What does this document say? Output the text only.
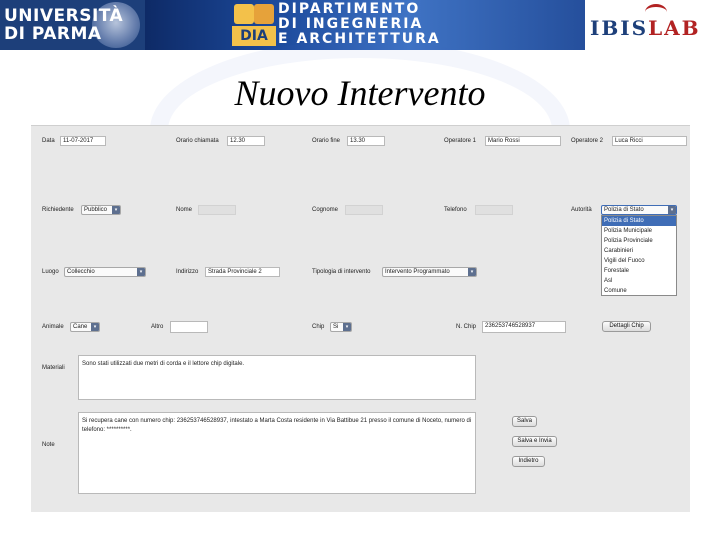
UNIVERSITÀ
DI PARMA	DIA
DIPARTIMENTO
DI INGEGNERIA
E ARCHITETTURA	IBISLAB
Nuovo Intervento
Data	11-07-2017	Orario chiamata	12.30	Orario fine	13.30	Operatore 1	Mario Rossi	Operatore 2	Luca Ricci
Richiedente	Pubblico	▾	Nome	Cognome	Telefono	Autorità	Polizia di Stato	▾
Polizia di Stato
Polizia Municipale
Polizia Provinciale
Carabinieri
Vigili del Fuoco
Forestale
Asl
Comune
Luogo	Collecchio	▾	Indirizzo	Strada Provinciale 2	Tipologia di intervento	Intervento Programmato	▾
Animale	Cane	▾	Altro	Chip	Si	▾	N. Chip	236253746528937	Dettagli Chip
Materiali
Sono stati utilizzati due metri di corda e il lettore chip digitale.
Note
Si recupera cane con numero chip: 236253746528937, intestato a Marta Costa residente in Via Battibue 21 presso il comune di Noceto, numero di telefono: **********.
Salva
Salva e Invia
Indietro
